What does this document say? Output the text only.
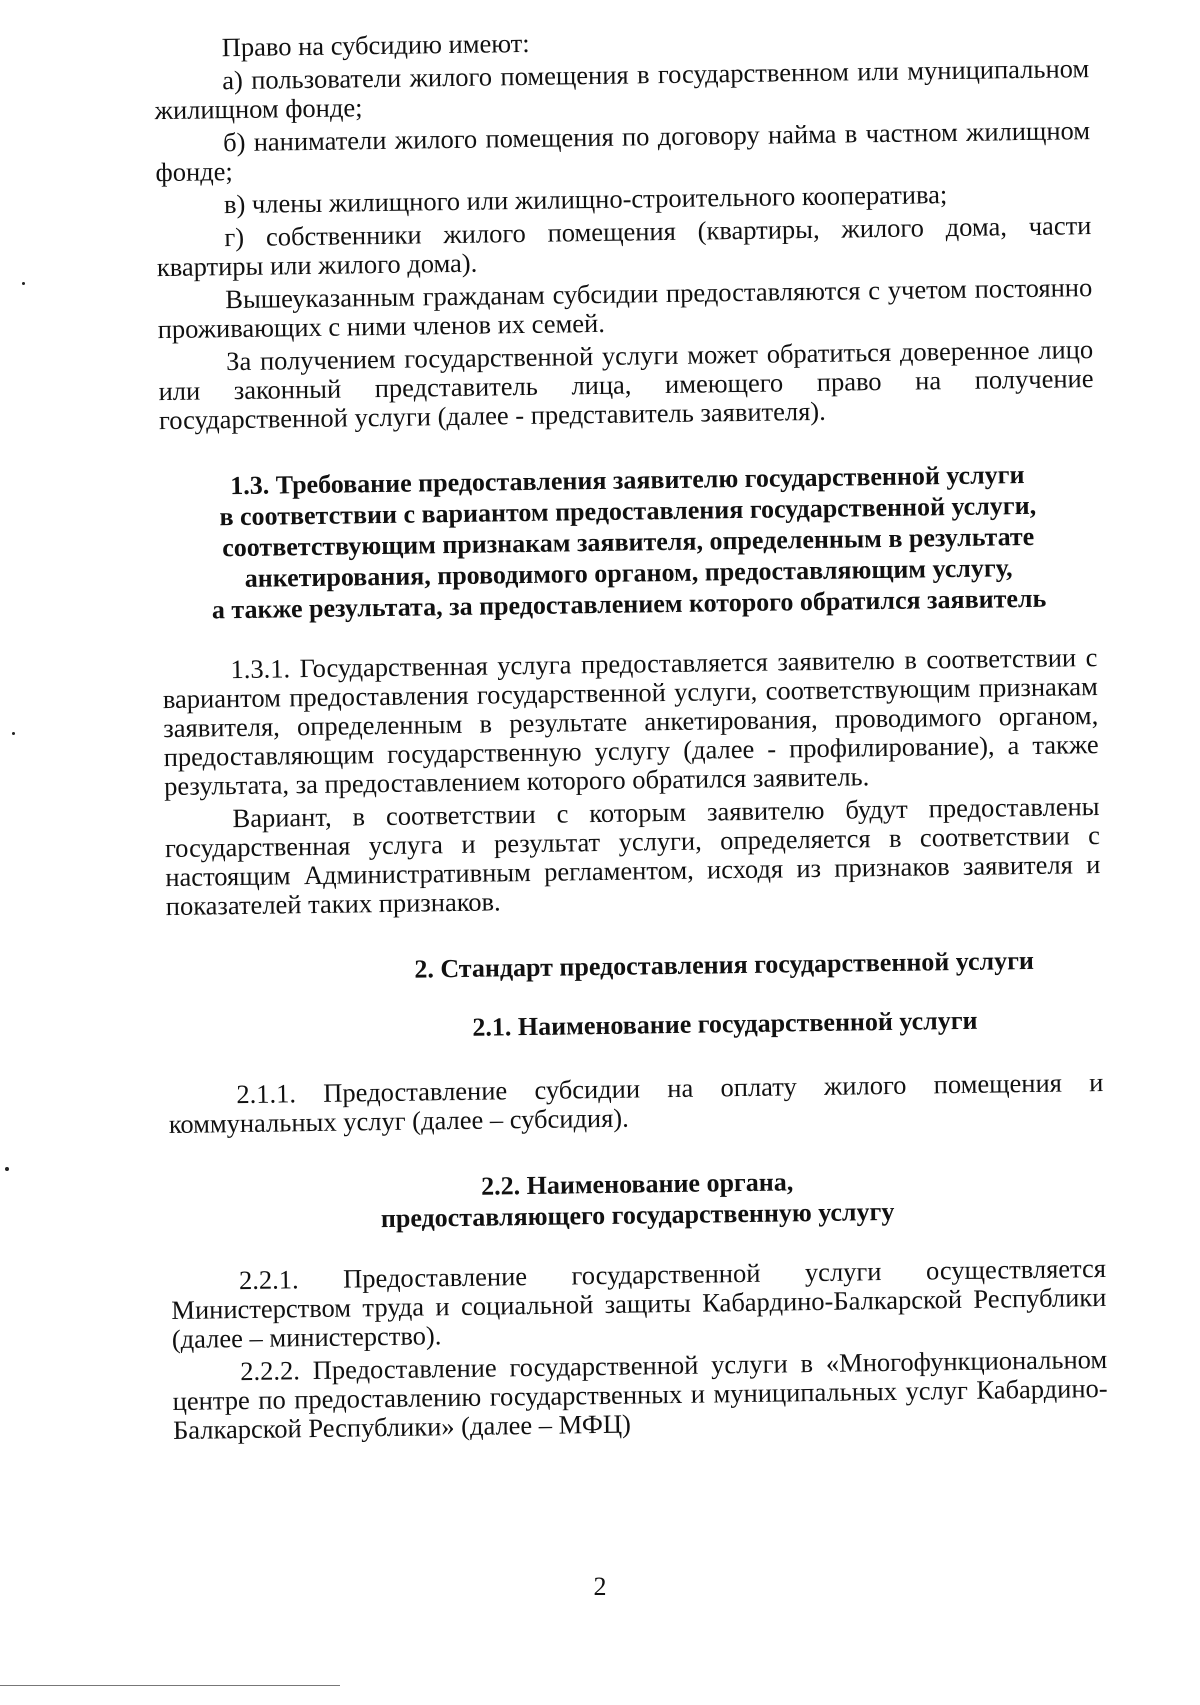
Право на субсидию имеют:

а) пользователи жилого помещения в государственном или муниципальном жилищном фонде;

б) наниматели жилого помещения по договору найма в частном жилищном фонде;

в) члены жилищного или жилищно-строительного кооператива;

г) собственники жилого помещения (квартиры, жилого дома, части квартиры или жилого дома).

Вышеуказанным гражданам субсидии предоставляются с учетом постоянно проживающих с ними членов их семей.

За получением государственной услуги может обратиться доверенное лицо или законный представитель лица, имеющего право на получение государственной услуги (далее - представитель заявителя).

1.3. Требование предоставления заявителю государственной услуги
в соответствии с вариантом предоставления государственной услуги,
соответствующим признакам заявителя, определенным в результате
анкетирования, проводимого органом, предоставляющим услугу,
а также результата, за предоставлением которого обратился заявитель

1.3.1. Государственная услуга предоставляется заявителю в соответствии с вариантом предоставления государственной услуги, соответствующим признакам заявителя, определенным в результате анкетирования, проводимого органом, предоставляющим государственную услугу (далее - профилирование), а также результата, за предоставлением которого обратился заявитель.

Вариант, в соответствии с которым заявителю будут предоставлены государственная услуга и результат услуги, определяется в соответствии с настоящим Административным регламентом, исходя из признаков заявителя и показателей таких признаков.

2. Стандарт предоставления государственной услуги
2.1. Наименование государственной услуги

2.1.1. Предоставление субсидии на оплату жилого помещения и коммунальных услуг (далее – субсидия).

2.2. Наименование органа,
предоставляющего государственную услугу

2.2.1. Предоставление государственной услуги осуществляется Министерством труда и социальной защиты Кабардино-Балкарской Республики (далее – министерство).

2.2.2. Предоставление государственной услуги в «Многофункциональном центре по предоставлению государственных и муниципальных услуг Кабардино-Балкарской Республики» (далее – МФЦ)

2
